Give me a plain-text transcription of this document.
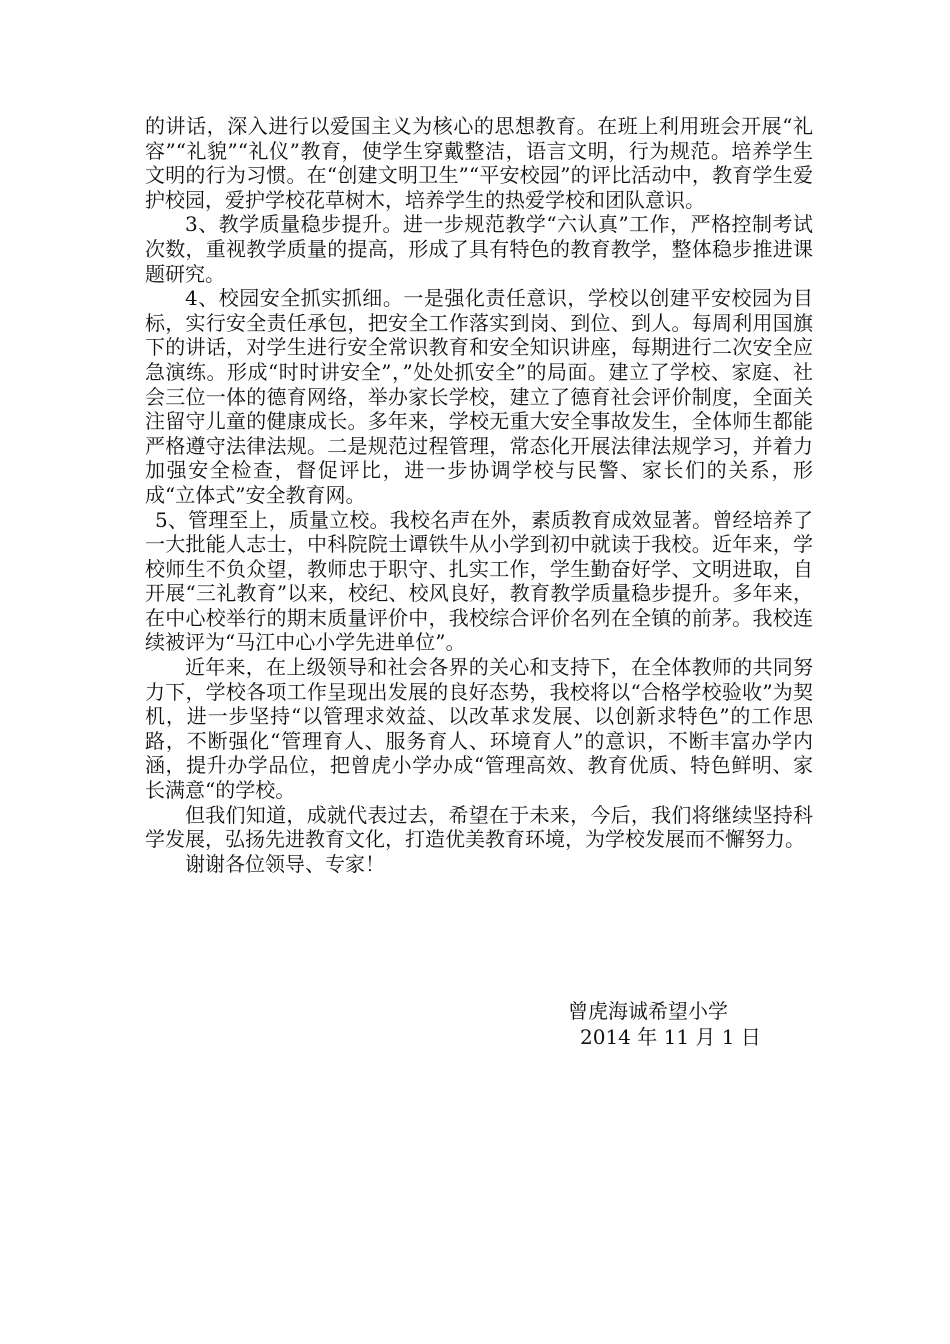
的讲话，深入进行以爱国主义为核心的思想教育。在班上利用班会开展“礼容”“礼貌”“礼仪”教育，使学生穿戴整洁，语言文明，行为规范。培养学生文明的行为习惯。在“创建文明卫生”“平安校园”的评比活动中，教育学生爱护校园，爱护学校花草树木，培养学生的热爱学校和团队意识。

3、教学质量稳步提升。进一步规范教学“六认真”工作，严格控制考试次数，重视教学质量的提高，形成了具有特色的教育教学，整体稳步推进课题研究。

4、校园安全抓实抓细。一是强化责任意识，学校以创建平安校园为目标，实行安全责任承包，把安全工作落实到岗、到位、到人。每周利用国旗下的讲话，对学生进行安全常识教育和安全知识讲座，每期进行二次安全应急演练。形成“时时讲安全”，”处处抓安全”的局面。建立了学校、家庭、社会三位一体的德育网络，举办家长学校，建立了德育社会评价制度，全面关注留守儿童的健康成长。多年来，学校无重大安全事故发生，全体师生都能严格遵守法律法规。二是规范过程管理，常态化开展法律法规学习，并着力加强安全检查，督促评比，进一步协调学校与民警、家长们的关系，形成“立体式”安全教育网。

5、管理至上，质量立校。我校名声在外，素质教育成效显著。曾经培养了一大批能人志士，中科院院士谭铁牛从小学到初中就读于我校。近年来，学校师生不负众望，教师忠于职守、扎实工作，学生勤奋好学、文明进取，自开展“三礼教育”以来，校纪、校风良好，教育教学质量稳步提升。多年来，在中心校举行的期末质量评价中，我校综合评价名列在全镇的前茅。我校连续被评为“马江中心小学先进单位”。

近年来，在上级领导和社会各界的关心和支持下，在全体教师的共同努力下，学校各项工作呈现出发展的良好态势，我校将以“合格学校验收”为契机，进一步坚持“以管理求效益、以改革求发展、以创新求特色”的工作思路，不断强化“管理育人、服务育人、环境育人”的意识，不断丰富办学内涵，提升办学品位，把曾虎小学办成“管理高效、教育优质、特色鲜明、家长满意“的学校。

但我们知道，成就代表过去，希望在于未来，今后，我们将继续坚持科学发展，弘扬先进教育文化，打造优美教育环境，为学校发展而不懈努力。

谢谢各位领导、专家！

曾虎海诚希望小学
2014 年 11 月 1 日
